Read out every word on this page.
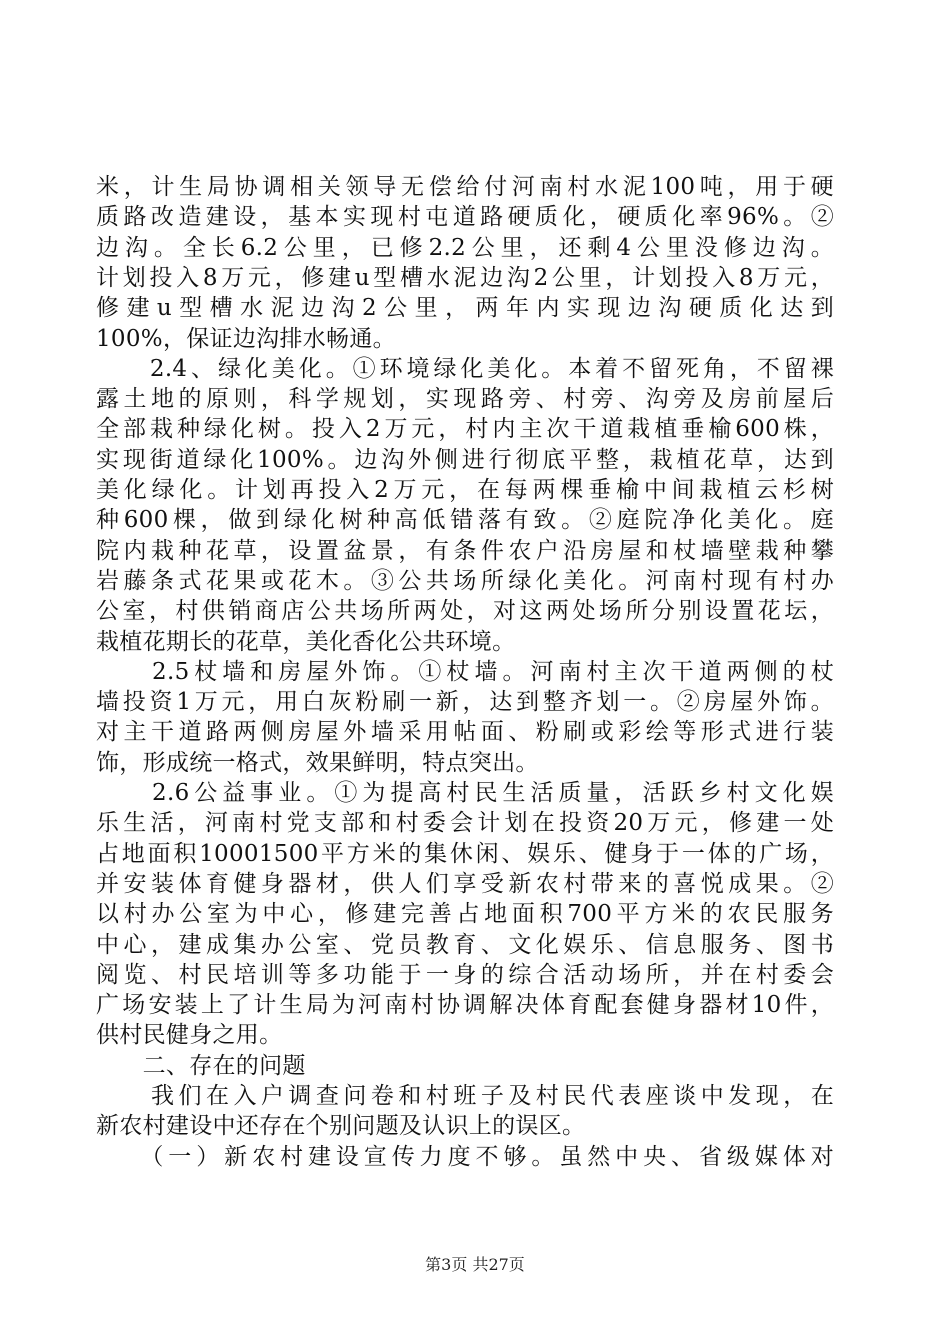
米，计生局协调相关领导无偿给付河南村水泥100吨，用于硬
质路改造建设，基本实现村屯道路硬质化，硬质化率96%。②
边沟。全长6.2公里，已修2.2公里，还剩4公里没修边沟。
计划投入8万元，修建u型槽水泥边沟2公里，计划投入8万元，
修建u型槽水泥边沟2公里，两年内实现边沟硬质化达到
100%，保证边沟排水畅通。
　　2.4、绿化美化。①环境绿化美化。本着不留死角，不留裸
露土地的原则，科学规划，实现路旁、村旁、沟旁及房前屋后
全部栽种绿化树。投入2万元，村内主次干道栽植垂榆600株，
实现街道绿化100%。边沟外侧进行彻底平整，栽植花草，达到
美化绿化。计划再投入2万元，在每两棵垂榆中间栽植云杉树
种600棵，做到绿化树种高低错落有致。②庭院净化美化。庭
院内栽种花草，设置盆景，有条件农户沿房屋和杖墙壁栽种攀
岩藤条式花果或花木。③公共场所绿化美化。河南村现有村办
公室，村供销商店公共场所两处，对这两处场所分别设置花坛，
栽植花期长的花草，美化香化公共环境。
　　2.5杖墙和房屋外饰。①杖墙。河南村主次干道两侧的杖
墙投资1万元，用白灰粉刷一新，达到整齐划一。②房屋外饰。
对主干道路两侧房屋外墙采用帖面、粉刷或彩绘等形式进行装
饰，形成统一格式，效果鲜明，特点突出。
　　2.6公益事业。①为提高村民生活质量，活跃乡村文化娱
乐生活，河南村党支部和村委会计划在投资20万元，修建一处
占地面积10001500平方米的集休闲、娱乐、健身于一体的广场，
并安装体育健身器材，供人们享受新农村带来的喜悦成果。②
以村办公室为中心，修建完善占地面积700平方米的农民服务
中心，建成集办公室、党员教育、文化娱乐、信息服务、图书
阅览、村民培训等多功能于一身的综合活动场所，并在村委会
广场安装上了计生局为河南村协调解决体育配套健身器材10件，
供村民健身之用。
　　二、存在的问题
　　我们在入户调查问卷和村班子及村民代表座谈中发现，在
新农村建设中还存在个别问题及认识上的误区。
　　（一）新农村建设宣传力度不够。虽然中央、省级媒体对
第3页 共27页
